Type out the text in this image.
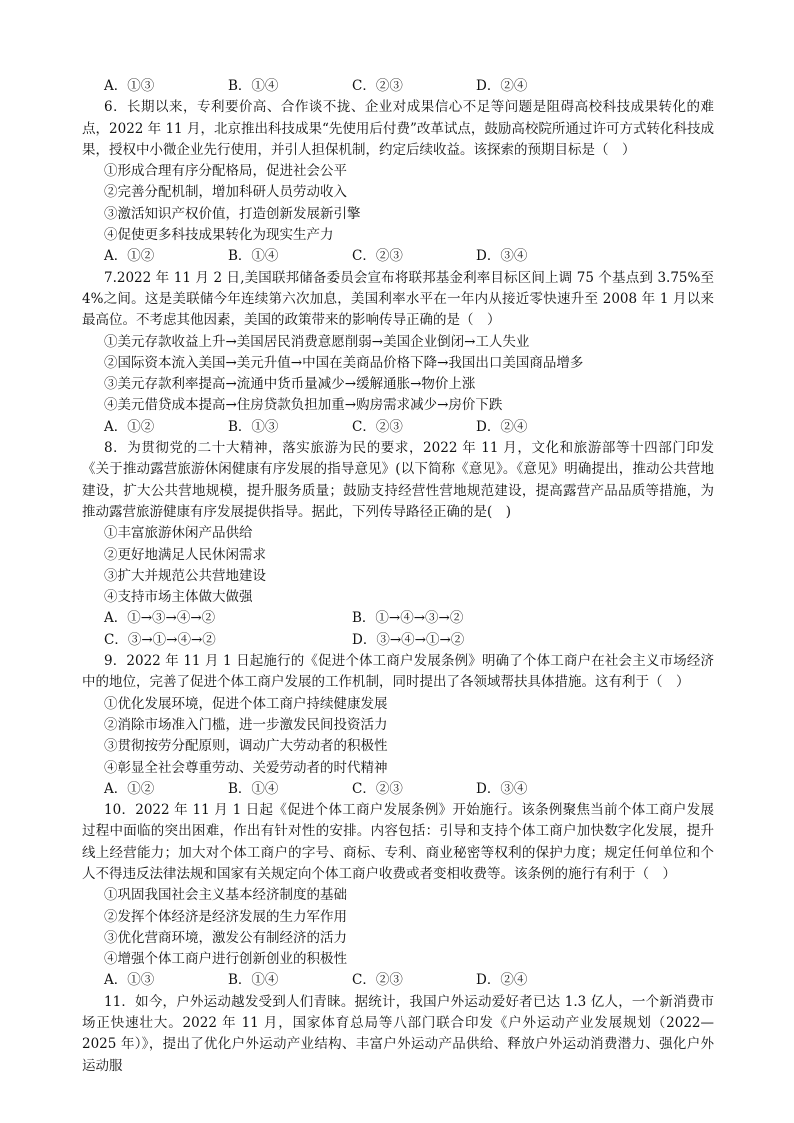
A．①③	B．①④	C．②③	D．②④

6．长期以来，专利要价高、合作谈不拢、企业对成果信心不足等问题是阻碍高校科技成果转化的难点，2022 年 11 月，北京推出科技成果“先使用后付费”改革试点，鼓励高校院所通过许可方式转化科技成果，授权中小微企业先行使用，并引人担保机制，约定后续收益。该探索的预期目标是（　）

①形成合理有序分配格局，促进社会公平

②完善分配机制，增加科研人员劳动收入

③激活知识产权价值，打造创新发展新引擎

④促使更多科技成果转化为现实生产力

A．①②	B．①④	C．②③	D．③④

7.2022 年 11 月 2 日,美国联邦储备委员会宣布将联邦基金利率目标区间上调 75 个基点到 3.75%至 4%之间。这是美联储今年连续第六次加息，美国利率水平在一年内从接近零快速升至 2008 年 1 月以来最高位。不考虑其他因素，美国的政策带来的影响传导正确的是（　）

①美元存款收益上升→美国居民消费意愿削弱→美国企业倒闭→工人失业

②国际资本流入美国→美元升值→中国在美商品价格下降→我国出口美国商品增多

③美元存款利率提高→流通中货币量减少→缓解通胀→物价上涨

④美元借贷成本提高→住房贷款负担加重→购房需求减少→房价下跌

A．①②	B．①③	C．②③	D．②④

8．为贯彻党的二十大精神，落实旅游为民的要求，2022 年 11 月，文化和旅游部等十四部门印发《关于推动露营旅游休闲健康有序发展的指导意见》(以下简称《意见》。《意见》明确提出，推动公共营地建设，扩大公共营地规模，提升服务质量；鼓励支持经营性营地规范建设，提高露营产品品质等措施，为推动露营旅游健康有序发展提供指导。据此，下列传导路径正确的是(　)

①丰富旅游休闲产品供给

②更好地满足人民休闲需求

③扩大并规范公共营地建设

④支持市场主体做大做强

A．①→③→④→②	B．①→④→③→②
C．③→①→④→②	D．③→④→①→②

9．2022 年 11 月 1 日起施行的《促进个体工商户发展条例》明确了个体工商户在社会主义市场经济中的地位，完善了促进个体工商户发展的工作机制，同时提出了各领域帮扶具体措施。这有利于（　）

①优化发展环境，促进个体工商户持续健康发展

②消除市场准入门槛，进一步激发民间投资活力

③贯彻按劳分配原则，调动广大劳动者的积极性

④彰显全社会尊重劳动、关爱劳动者的时代精神

A．①②	B．①④	C．②③	D．③④

10．2022 年 11 月 1 日起《促进个体工商户发展条例》开始施行。该条例聚焦当前个体工商户发展过程中面临的突出困难，作出有针对性的安排。内容包括：引导和支持个体工商户加快数字化发展，提升线上经营能力；加大对个体工商户的字号、商标、专利、商业秘密等权利的保护力度；规定任何单位和个人不得违反法律法规和国家有关规定向个体工商户收费或者变相收费等。该条例的施行有利于（　）

①巩固我国社会主义基本经济制度的基础

②发挥个体经济是经济发展的生力军作用

③优化营商环境，激发公有制经济的活力

④增强个体工商户进行创新创业的积极性

A．①③	B．①④	C．②③	D．②④

11．如今，户外运动越发受到人们青睐。据统计，我国户外运动爱好者已达 1.3 亿人，一个新消费市场正快速壮大。2022 年 11 月，国家体育总局等八部门联合印发《户外运动产业发展规划（2022—2025 年）》，提出了优化户外运动产业结构、丰富户外运动产品供给、释放户外运动消费潜力、强化户外运动服
